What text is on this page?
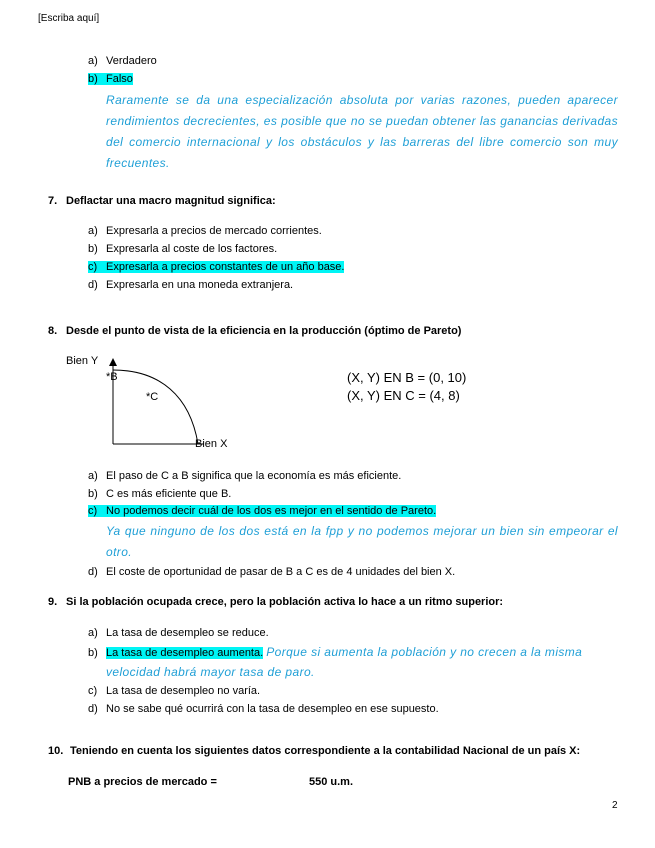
[Escriba aquí]
a) Verdadero
b) Falso
Raramente se da una especialización absoluta por varias razones, pueden aparecer rendimientos decrecientes, es posible que no se puedan obtener las ganancias derivadas del comercio internacional y los obstáculos y las barreras del libre comercio son muy frecuentes.
7. Deflactar una macro magnitud significa:
a) Expresarla a precios de mercado corrientes.
b) Expresarla al coste de los factores.
c) Expresarla a precios constantes de un año base.
d) Expresarla en una moneda extranjera.
8. Desde el punto de vista de la eficiencia en la producción (óptimo de Pareto)
Bien Y
*B
*C
Bien X
(X, Y) EN B = (0, 10)
(X, Y) EN C = (4, 8)
a) El paso de C a B significa que la economía es más eficiente.
b) C es más eficiente que B.
c) No podemos decir cuál de los dos es mejor en el sentido de Pareto.
Ya que ninguno de los dos está en la fpp y no podemos mejorar un bien sin empeorar el otro.
d) El coste de oportunidad de pasar de B a C es de 4 unidades del bien X.
9. Si la población ocupada crece, pero la población activa lo hace a un ritmo superior:
a) La tasa de desempleo se reduce.
b) La tasa de desempleo aumenta. Porque si aumenta la población y no crecen a la misma
velocidad habrá mayor tasa de paro.
c) La tasa de desempleo no varía.
d) No se sabe qué ocurrirá con la tasa de desempleo en ese supuesto.
10. Teniendo en cuenta los siguientes datos correspondiente a la contabilidad Nacional de un país X:
PNB a precios de mercado =	550 u.m.
2
